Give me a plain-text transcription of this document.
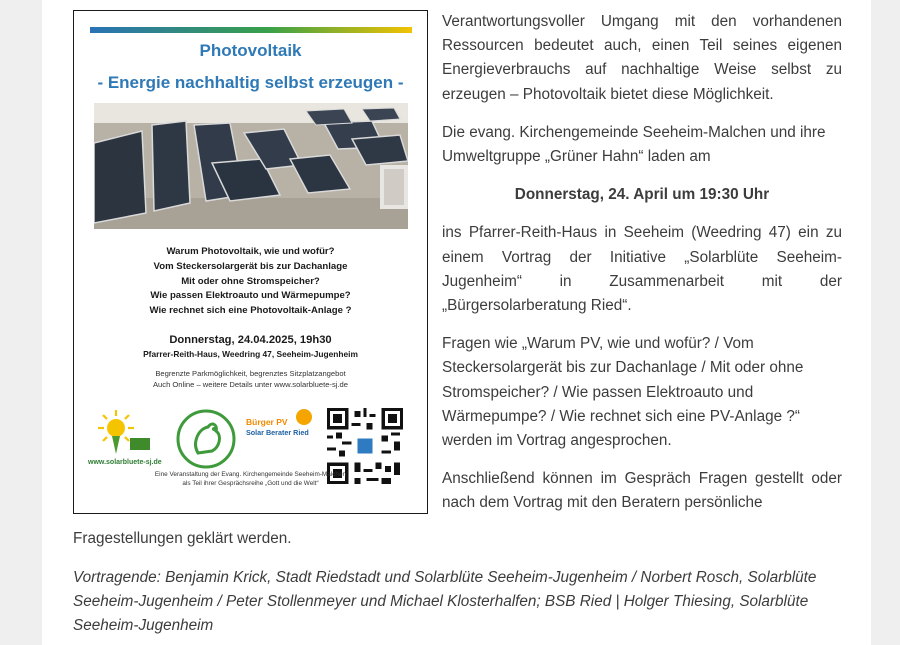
Photovoltaik
- Energie nachhaltig selbst erzeugen -
Warum Photovoltaik, wie und wofür?
Vom Steckersolargerät bis zur Dachanlage
Mit oder ohne Stromspeicher?
Wie passen Elektroauto und Wärmepumpe?
Wie rechnet sich eine Photovoltaik-Anlage ?
Donnerstag, 24.04.2025, 19h30
Pfarrer-Reith-Haus, Weedring 47, Seeheim-Jugenheim
Begrenzte Parkmöglichkeit, begrenztes Sitzplatzangebot
Auch Online – weitere Details unter www.solarbluete-sj.de
www.solarbluete-sj.de
Bürger PV
Solar Berater Ried
Eine Veranstaltung der Evang. Kirchengemeinde Seeheim-Malchen
als Teil ihrer Gesprächsreihe „Gott und die Welt“

Verantwortungsvoller Umgang mit den vorhandenen Ressourcen bedeutet auch, einen Teil seines eigenen Energieverbrauchs auf nachhaltige Weise selbst zu erzeugen – Photovoltaik bietet diese Möglichkeit.

Die evang. Kirchengemeinde Seeheim-Malchen und ihre Umweltgruppe „Grüner Hahn“ laden am

Donnerstag, 24. April um 19:30 Uhr

ins Pfarrer-Reith-Haus in Seeheim (Weedring 47) ein zu einem Vortrag der Initiative „Solarblüte Seeheim-Jugenheim“ in Zusammenarbeit mit der „Bürgersolarberatung Ried“.

Fragen wie „Warum PV, wie und wofür? / Vom Steckersolargerät bis zur Dachanlage / Mit oder ohne Stromspeicher? / Wie passen Elektroauto und Wärmepumpe? / Wie rechnet sich eine PV-Anlage ?“ werden im Vortrag angesprochen.

Anschließend können im Gespräch Fragen gestellt oder nach dem Vortrag mit den Beratern persönliche

Fragestellungen geklärt werden.

Vortragende: Benjamin Krick, Stadt Riedstadt und Solarblüte Seeheim-Jugenheim / Norbert Rosch, Solarblüte Seeheim-Jugenheim / Peter Stollenmeyer und Michael Klosterhalfen; BSB Ried | Holger Thiesing, Solarblüte Seeheim-Jugenheim
